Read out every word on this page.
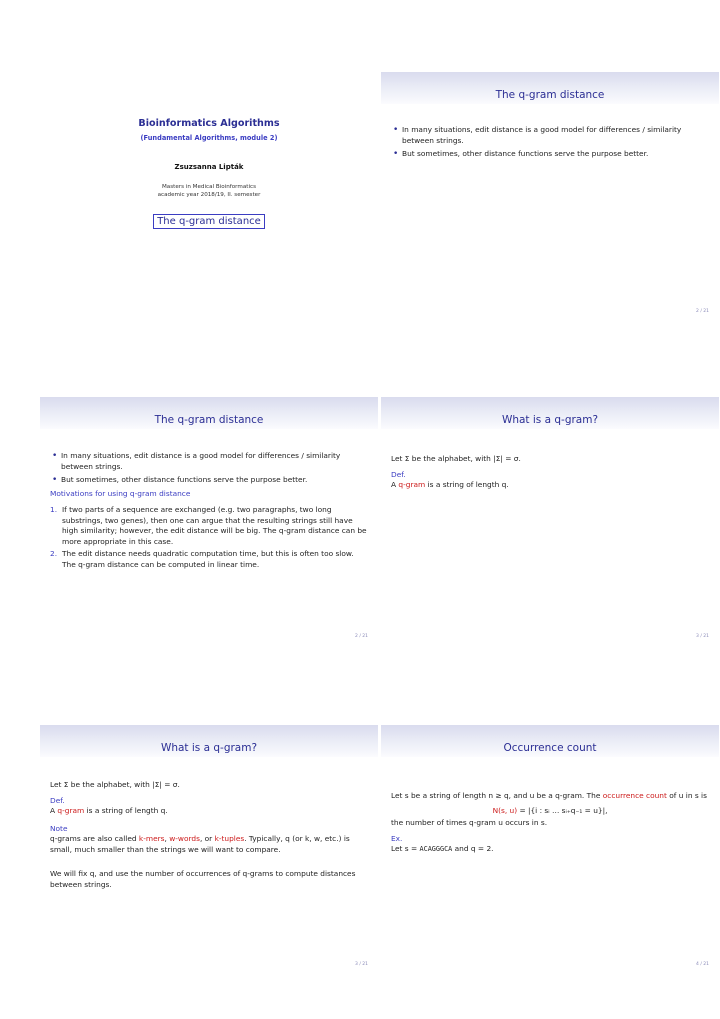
Bioinformatics Algorithms
(Fundamental Algorithms, module 2)
Zsuzsanna Lipták
Masters in Medical Bioinformatics
academic year 2018/19, II. semester
The q-gram distance
The q-gram distance
• In many situations, edit distance is a good model for differences / similarity between strings.
• But sometimes, other distance functions serve the purpose better.
2 / 21
The q-gram distance
• In many situations, edit distance is a good model for differences / similarity between strings.
• But sometimes, other distance functions serve the purpose better.

Motivations for using q-gram distance

1. If two parts of a sequence are exchanged (e.g. two paragraphs, two long substrings, two genes), then one can argue that the resulting strings still have high similarity; however, the edit distance will be big. The q-gram distance can be more appropriate in this case.
2. The edit distance needs quadratic computation time, but this is often too slow. The q-gram distance can be computed in linear time.
2 / 21
What is a q-gram?

Let Σ be the alphabet, with |Σ| = σ.

Def.

A q-gram is a string of length q.

3 / 21
What is a q-gram?

Let Σ be the alphabet, with |Σ| = σ.

Def.

A q-gram is a string of length q.

Note

q-grams are also called k-mers, w-words, or k-tuples. Typically, q (or k, w, etc.) is small, much smaller than the strings we will want to compare.

We will fix q, and use the number of occurrences of q-grams to compute distances between strings.

3 / 21
Occurrence count

Let s be a string of length n ≥ q, and u be a q-gram. The occurrence count of u in s is

N(s, u) = |{i : sᵢ … sᵢ₊q₋₁ = u}|,

the number of times q-gram u occurs in s.

Ex.

Let s = ACAGGGCA and q = 2.

4 / 21
